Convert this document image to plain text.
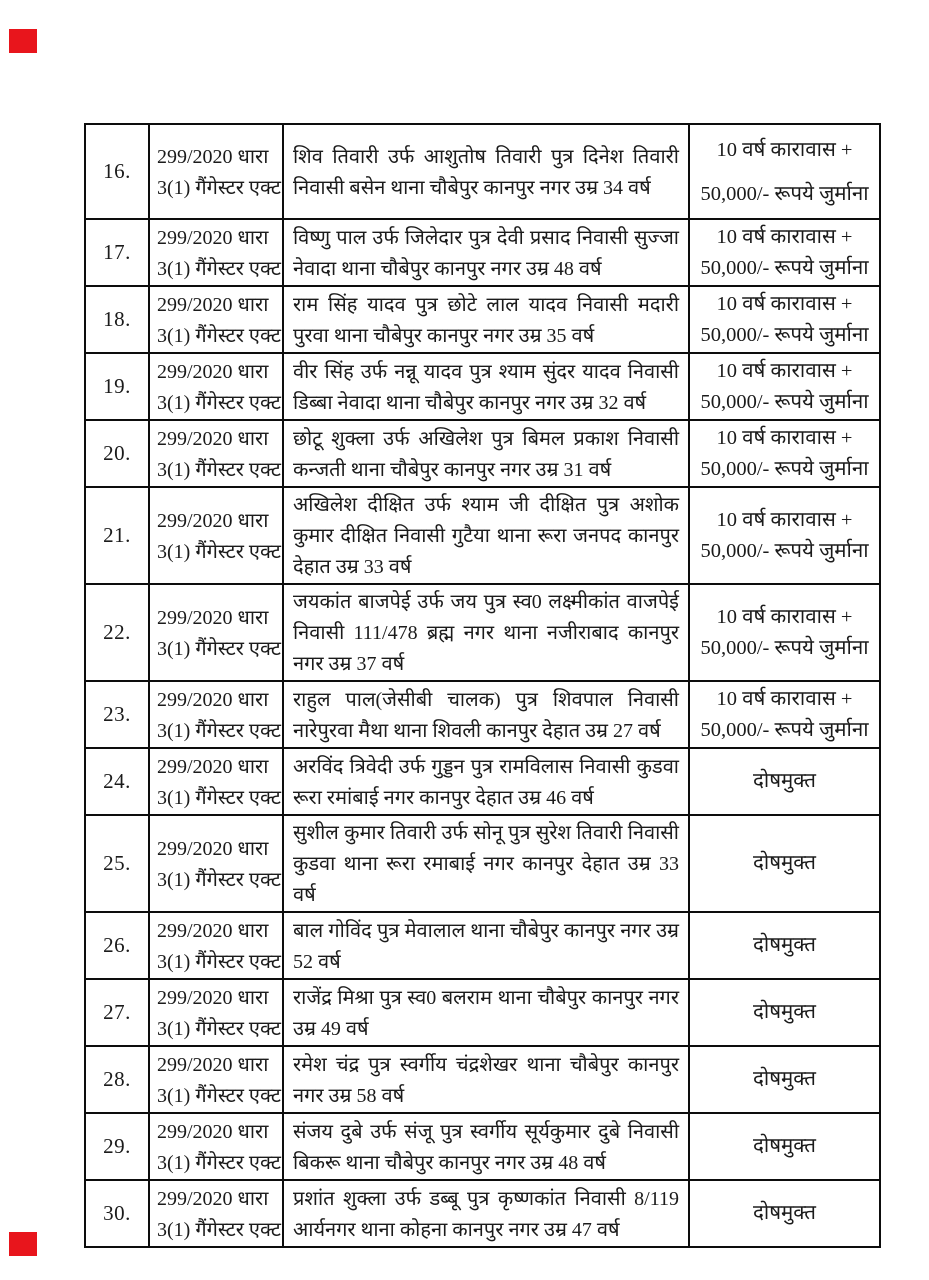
16.	299/2020 धारा
3(1) गैंगेस्टर एक्ट	शिव तिवारी उर्फ आशुतोष तिवारी पुत्र दिनेश तिवारी निवासी बसेन थाना चौबेपुर कानपुर नगर उम्र 34 वर्ष	10 वर्ष कारावास +
50,000/- रूपये जुर्माना

17.	299/2020 धारा
3(1) गैंगेस्टर एक्ट	विष्णु पाल उर्फ जिलेदार पुत्र देवी प्रसाद निवासी सुज्जा नेवादा थाना चौबेपुर कानपुर नगर उम्र 48 वर्ष	10 वर्ष कारावास +
50,000/- रूपये जुर्माना

18.	299/2020 धारा
3(1) गैंगेस्टर एक्ट	राम सिंह यादव पुत्र छोटे लाल यादव निवासी मदारी पुरवा थाना चौबेपुर कानपुर नगर उम्र 35 वर्ष	10 वर्ष कारावास +
50,000/- रूपये जुर्माना

19.	299/2020 धारा
3(1) गैंगेस्टर एक्ट	वीर सिंह उर्फ नन्नू यादव पुत्र श्याम सुंदर यादव निवासी डिब्बा नेवादा थाना चौबेपुर कानपुर नगर उम्र 32 वर्ष	10 वर्ष कारावास +
50,000/- रूपये जुर्माना

20.	299/2020 धारा
3(1) गैंगेस्टर एक्ट	छोटू शुक्ला उर्फ अखिलेश पुत्र बिमल प्रकाश निवासी कन्जती थाना चौबेपुर कानपुर नगर उम्र 31 वर्ष	10 वर्ष कारावास +
50,000/- रूपये जुर्माना

21.	299/2020 धारा
3(1) गैंगेस्टर एक्ट	अखिलेश दीक्षित उर्फ श्याम जी दीक्षित पुत्र अशोक कुमार दीक्षित निवासी गुटैया थाना रूरा जनपद कानपुर देहात उम्र 33 वर्ष	10 वर्ष कारावास +
50,000/- रूपये जुर्माना

22.	299/2020 धारा
3(1) गैंगेस्टर एक्ट	जयकांत बाजपेई उर्फ जय पुत्र स्व0 लक्ष्मीकांत वाजपेई निवासी 111/478 ब्रह्म नगर थाना नजीराबाद कानपुर नगर उम्र 37 वर्ष	10 वर्ष कारावास +
50,000/- रूपये जुर्माना

23.	299/2020 धारा
3(1) गैंगेस्टर एक्ट	राहुल पाल(जेसीबी चालक) पुत्र शिवपाल निवासी नारेपुरवा मैथा थाना शिवली कानपुर देहात उम्र 27 वर्ष	10 वर्ष कारावास +
50,000/- रूपये जुर्माना

24.	299/2020 धारा
3(1) गैंगेस्टर एक्ट	अरविंद त्रिवेदी उर्फ गुड्डन पुत्र रामविलास निवासी कुडवा रूरा रमांबाई नगर कानपुर देहात उम्र 46 वर्ष	दोषमुक्त

25.	299/2020 धारा
3(1) गैंगेस्टर एक्ट	सुशील कुमार तिवारी उर्फ सोनू पुत्र सुरेश तिवारी निवासी कुडवा थाना रूरा रमाबाई नगर कानपुर देहात उम्र 33 वर्ष	दोषमुक्त

26.	299/2020 धारा
3(1) गैंगेस्टर एक्ट	बाल गोविंद पुत्र मेवालाल थाना चौबेपुर कानपुर नगर उम्र 52 वर्ष	दोषमुक्त

27.	299/2020 धारा
3(1) गैंगेस्टर एक्ट	राजेंद्र मिश्रा पुत्र स्व0 बलराम थाना चौबेपुर कानपुर नगर उम्र 49 वर्ष	दोषमुक्त

28.	299/2020 धारा
3(1) गैंगेस्टर एक्ट	रमेश चंद्र पुत्र स्वर्गीय चंद्रशेखर थाना चौबेपुर कानपुर नगर उम्र 58 वर्ष	दोषमुक्त

29.	299/2020 धारा
3(1) गैंगेस्टर एक्ट	संजय दुबे उर्फ संजू पुत्र स्वर्गीय सूर्यकुमार दुबे निवासी बिकरू थाना चौबेपुर कानपुर नगर उम्र 48 वर्ष	दोषमुक्त

30.	299/2020 धारा
3(1) गैंगेस्टर एक्ट	प्रशांत शुक्ला उर्फ डब्बू पुत्र कृष्णकांत निवासी 8/119 आर्यनगर थाना कोहना कानपुर नगर उम्र 47 वर्ष	दोषमुक्त
